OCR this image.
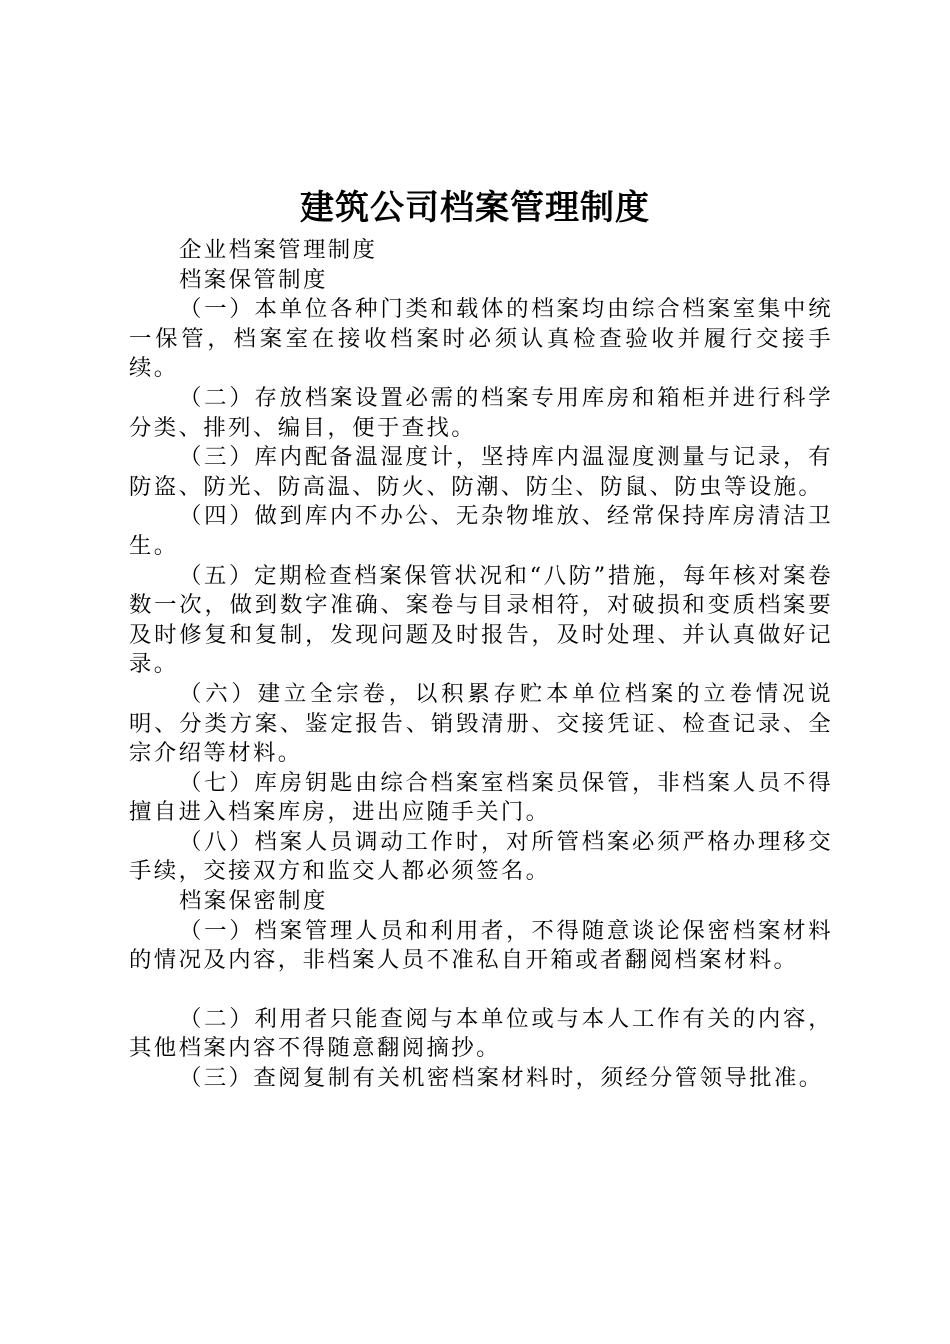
建筑公司档案管理制度

企业档案管理制度

档案保管制度

（一）本单位各种门类和载体的档案均由综合档案室集中统一保管，档案室在接收档案时必须认真检查验收并履行交接手续。

（二）存放档案设置必需的档案专用库房和箱柜并进行科学分类、排列、编目，便于查找。

（三）库内配备温湿度计，坚持库内温湿度测量与记录，有防盗、防光、防高温、防火、防潮、防尘、防鼠、防虫等设施。

（四）做到库内不办公、无杂物堆放、经常保持库房清洁卫生。

（五）定期检查档案保管状况和“八防”措施，每年核对案卷数一次，做到数字准确、案卷与目录相符，对破损和变质档案要及时修复和复制，发现问题及时报告，及时处理、并认真做好记录。

（六）建立全宗卷，以积累存贮本单位档案的立卷情况说明、分类方案、鉴定报告、销毁清册、交接凭证、检查记录、全宗介绍等材料。

（七）库房钥匙由综合档案室档案员保管，非档案人员不得擅自进入档案库房，进出应随手关门。

（八）档案人员调动工作时，对所管档案必须严格办理移交手续，交接双方和监交人都必须签名。

档案保密制度

（一）档案管理人员和利用者，不得随意谈论保密档案材料的情况及内容，非档案人员不准私自开箱或者翻阅档案材料。

（二）利用者只能查阅与本单位或与本人工作有关的内容，其他档案内容不得随意翻阅摘抄。

（三）查阅复制有关机密档案材料时，须经分管领导批准。
